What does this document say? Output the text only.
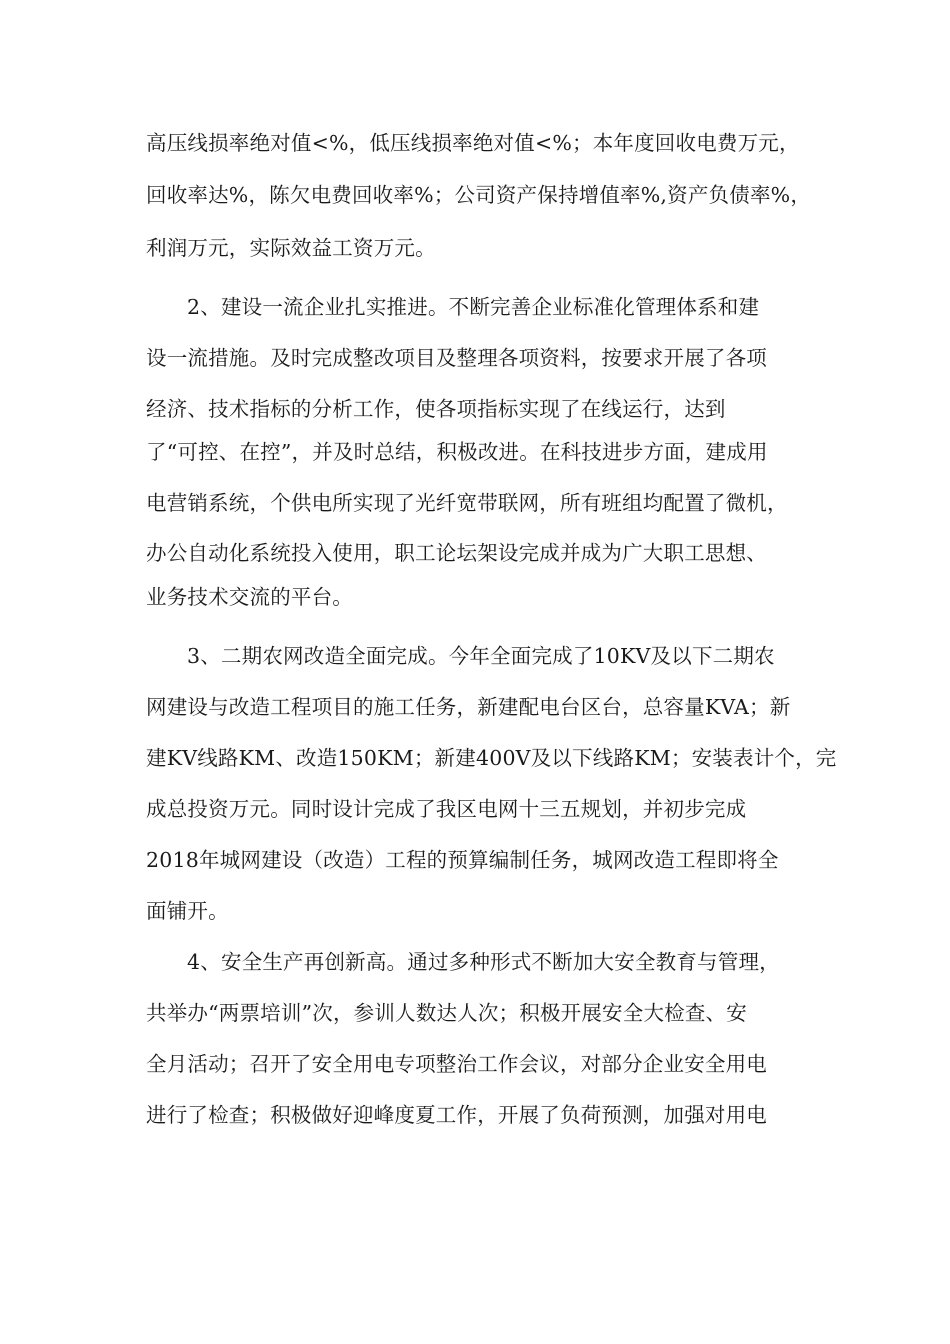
高压线损率绝对值<%，低压线损率绝对值<%；本年度回收电费万元，
回收率达%，陈欠电费回收率%；公司资产保持增值率%,资产负债率%，
利润万元，实际效益工资万元。
2、建设一流企业扎实推进。不断完善企业标准化管理体系和建
设一流措施。及时完成整改项目及整理各项资料，按要求开展了各项
经济、技术指标的分析工作，使各项指标实现了在线运行，达到
了“可控、在控”，并及时总结，积极改进。在科技进步方面，建成用
电营销系统，个供电所实现了光纤宽带联网，所有班组均配置了微机，
办公自动化系统投入使用，职工论坛架设完成并成为广大职工思想、
业务技术交流的平台。
3、二期农网改造全面完成。今年全面完成了10KV及以下二期农
网建设与改造工程项目的施工任务，新建配电台区台，总容量KVA；新
建KV线路KM、改造150KM；新建400V及以下线路KM；安装表计个，完
成总投资万元。同时设计完成了我区电网十三五规划，并初步完成
2018年城网建设（改造）工程的预算编制任务，城网改造工程即将全
面铺开。
4、安全生产再创新高。通过多种形式不断加大安全教育与管理，
共举办“两票培训”次，参训人数达人次；积极开展安全大检查、安
全月活动；召开了安全用电专项整治工作会议，对部分企业安全用电
进行了检查；积极做好迎峰度夏工作，开展了负荷预测，加强对用电
